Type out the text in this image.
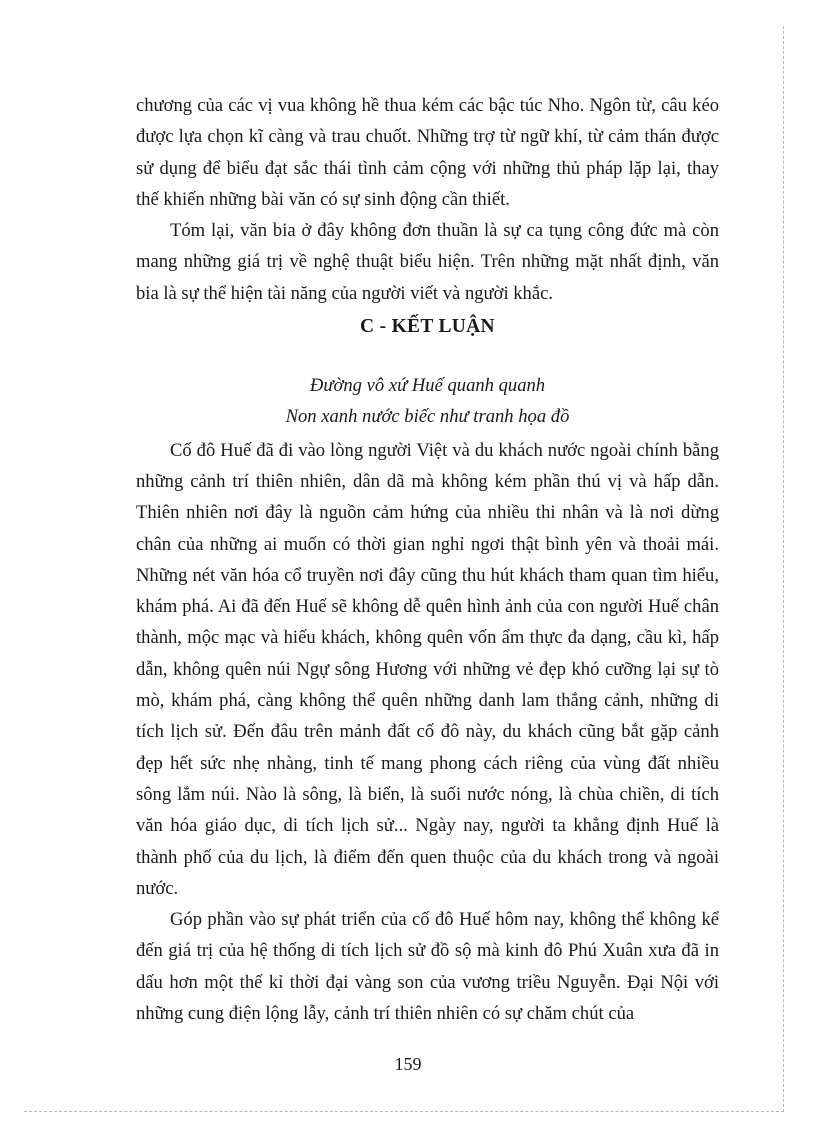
chương của các vị vua không hề thua kém các bậc túc Nho. Ngôn từ, câu kéo được lựa chọn kĩ càng và trau chuốt. Những trợ từ ngữ khí, từ cảm thán được sử dụng để biểu đạt sắc thái tình cảm cộng với những thủ pháp lặp lại, thay thế khiến những bài văn có sự sinh động cần thiết.

Tóm lại, văn bia ở đây không đơn thuần là sự ca tụng công đức mà còn mang những giá trị về nghệ thuật biểu hiện. Trên những mặt nhất định, văn bia là sự thể hiện tài năng của người viết và người khắc.

C - KẾT LUẬN
Đường vô xứ Huế quanh quanh
Non xanh nước biếc như tranh họa đồ

Cố đô Huế đã đi vào lòng người Việt và du khách nước ngoài chính bằng những cảnh trí thiên nhiên, dân dã mà không kém phần thú vị và hấp dẫn. Thiên nhiên nơi đây là nguồn cảm hứng của nhiều thi nhân và là nơi dừng chân của những ai muốn có thời gian nghỉ ngơi thật bình yên và thoải mái. Những nét văn hóa cổ truyền nơi đây cũng thu hút khách tham quan tìm hiểu, khám phá. Ai đã đến Huế sẽ không dễ quên hình ảnh của con người Huế chân thành, mộc mạc và hiếu khách, không quên vốn ẩm thực đa dạng, cầu kì, hấp dẫn, không quên núi Ngự sông Hương với những vẻ đẹp khó cưỡng lại sự tò mò, khám phá, càng không thể quên những danh lam thắng cảnh, những di tích lịch sử. Đến đâu trên mảnh đất cố đô này, du khách cũng bắt gặp cảnh đẹp hết sức nhẹ nhàng, tinh tế mang phong cách riêng của vùng đất nhiều sông lắm núi. Nào là sông, là biển, là suối nước nóng, là chùa chiền, di tích văn hóa giáo dục, di tích lịch sử... Ngày nay, người ta khẳng định Huế là thành phố của du lịch, là điểm đến quen thuộc của du khách trong và ngoài nước.

Góp phần vào sự phát triển của cố đô Huế hôm nay, không thể không kể đến giá trị của hệ thống di tích lịch sử đồ sộ mà kinh đô Phú Xuân xưa đã in dấu hơn một thế kỉ thời đại vàng son của vương triều Nguyễn. Đại Nội với những cung điện lộng lẫy, cảnh trí thiên nhiên có sự chăm chút của

159
